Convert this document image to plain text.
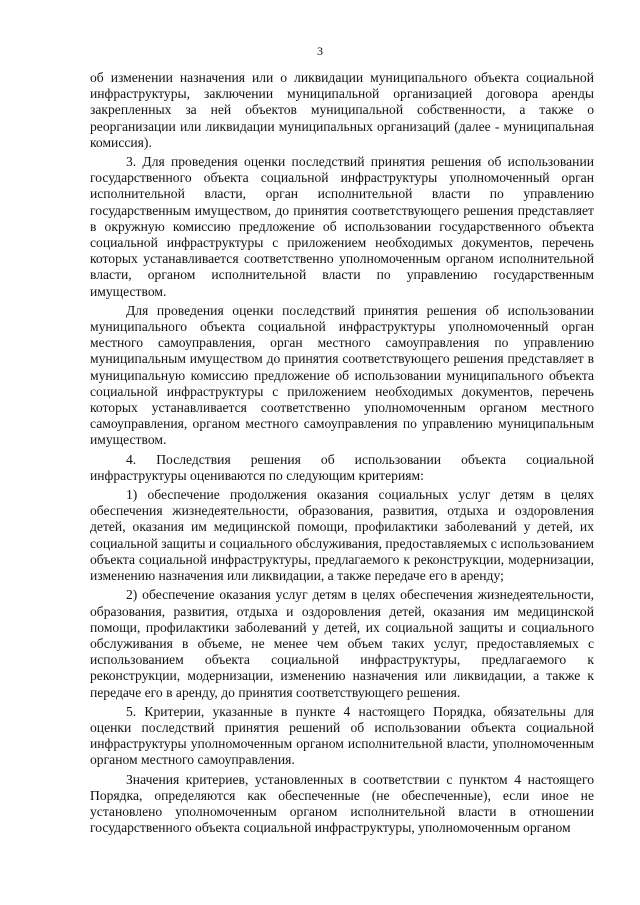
3

об изменении назначения или о ликвидации муниципального объекта социальной инфраструктуры, заключении муниципальной организацией договора аренды закрепленных за ней объектов муниципальной собственности, а также о реорганизации или ликвидации муниципальных организаций (далее - муниципальная комиссия).

3. Для проведения оценки последствий принятия решения об использовании государственного объекта социальной инфраструктуры уполномоченный орган исполнительной власти, орган исполнительной власти по управлению государственным имуществом, до принятия соответствующего решения представляет в окружную комиссию предложение об использовании государственного объекта социальной инфраструктуры с приложением необходимых документов, перечень которых устанавливается соответственно уполномоченным органом исполнительной власти, органом исполнительной власти по управлению государственным имуществом.

Для проведения оценки последствий принятия решения об использовании муниципального объекта социальной инфраструктуры уполномоченный орган местного самоуправления, орган местного самоуправления по управлению муниципальным имуществом до принятия соответствующего решения представляет в муниципальную комиссию предложение об использовании муниципального объекта социальной инфраструктуры с приложением необходимых документов, перечень которых устанавливается соответственно уполномоченным органом местного самоуправления, органом местного самоуправления по управлению муниципальным имуществом.

4. Последствия решения об использовании объекта социальной инфраструктуры оцениваются по следующим критериям:

1) обеспечение продолжения оказания социальных услуг детям в целях обеспечения жизнедеятельности, образования, развития, отдыха и оздоровления детей, оказания им медицинской помощи, профилактики заболеваний у детей, их социальной защиты и социального обслуживания, предоставляемых с использованием объекта социальной инфраструктуры, предлагаемого к реконструкции, модернизации, изменению назначения или ликвидации, а также передаче его в аренду;

2) обеспечение оказания услуг детям в целях обеспечения жизнедеятельности, образования, развития, отдыха и оздоровления детей, оказания им медицинской помощи, профилактики заболеваний у детей, их социальной защиты и социального обслуживания в объеме, не менее чем объем таких услуг, предоставляемых с использованием объекта социальной инфраструктуры, предлагаемого к реконструкции, модернизации, изменению назначения или ликвидации, а также к передаче его в аренду, до принятия соответствующего решения.

5. Критерии, указанные в пункте 4 настоящего Порядка, обязательны для оценки последствий принятия решений об использовании объекта социальной инфраструктуры уполномоченным органом исполнительной власти, уполномоченным органом местного самоуправления.

Значения критериев, установленных в соответствии с пунктом 4 настоящего Порядка, определяются как обеспеченные (не обеспеченные), если иное не установлено уполномоченным органом исполнительной власти в отношении государственного объекта социальной инфраструктуры, уполномоченным органом
